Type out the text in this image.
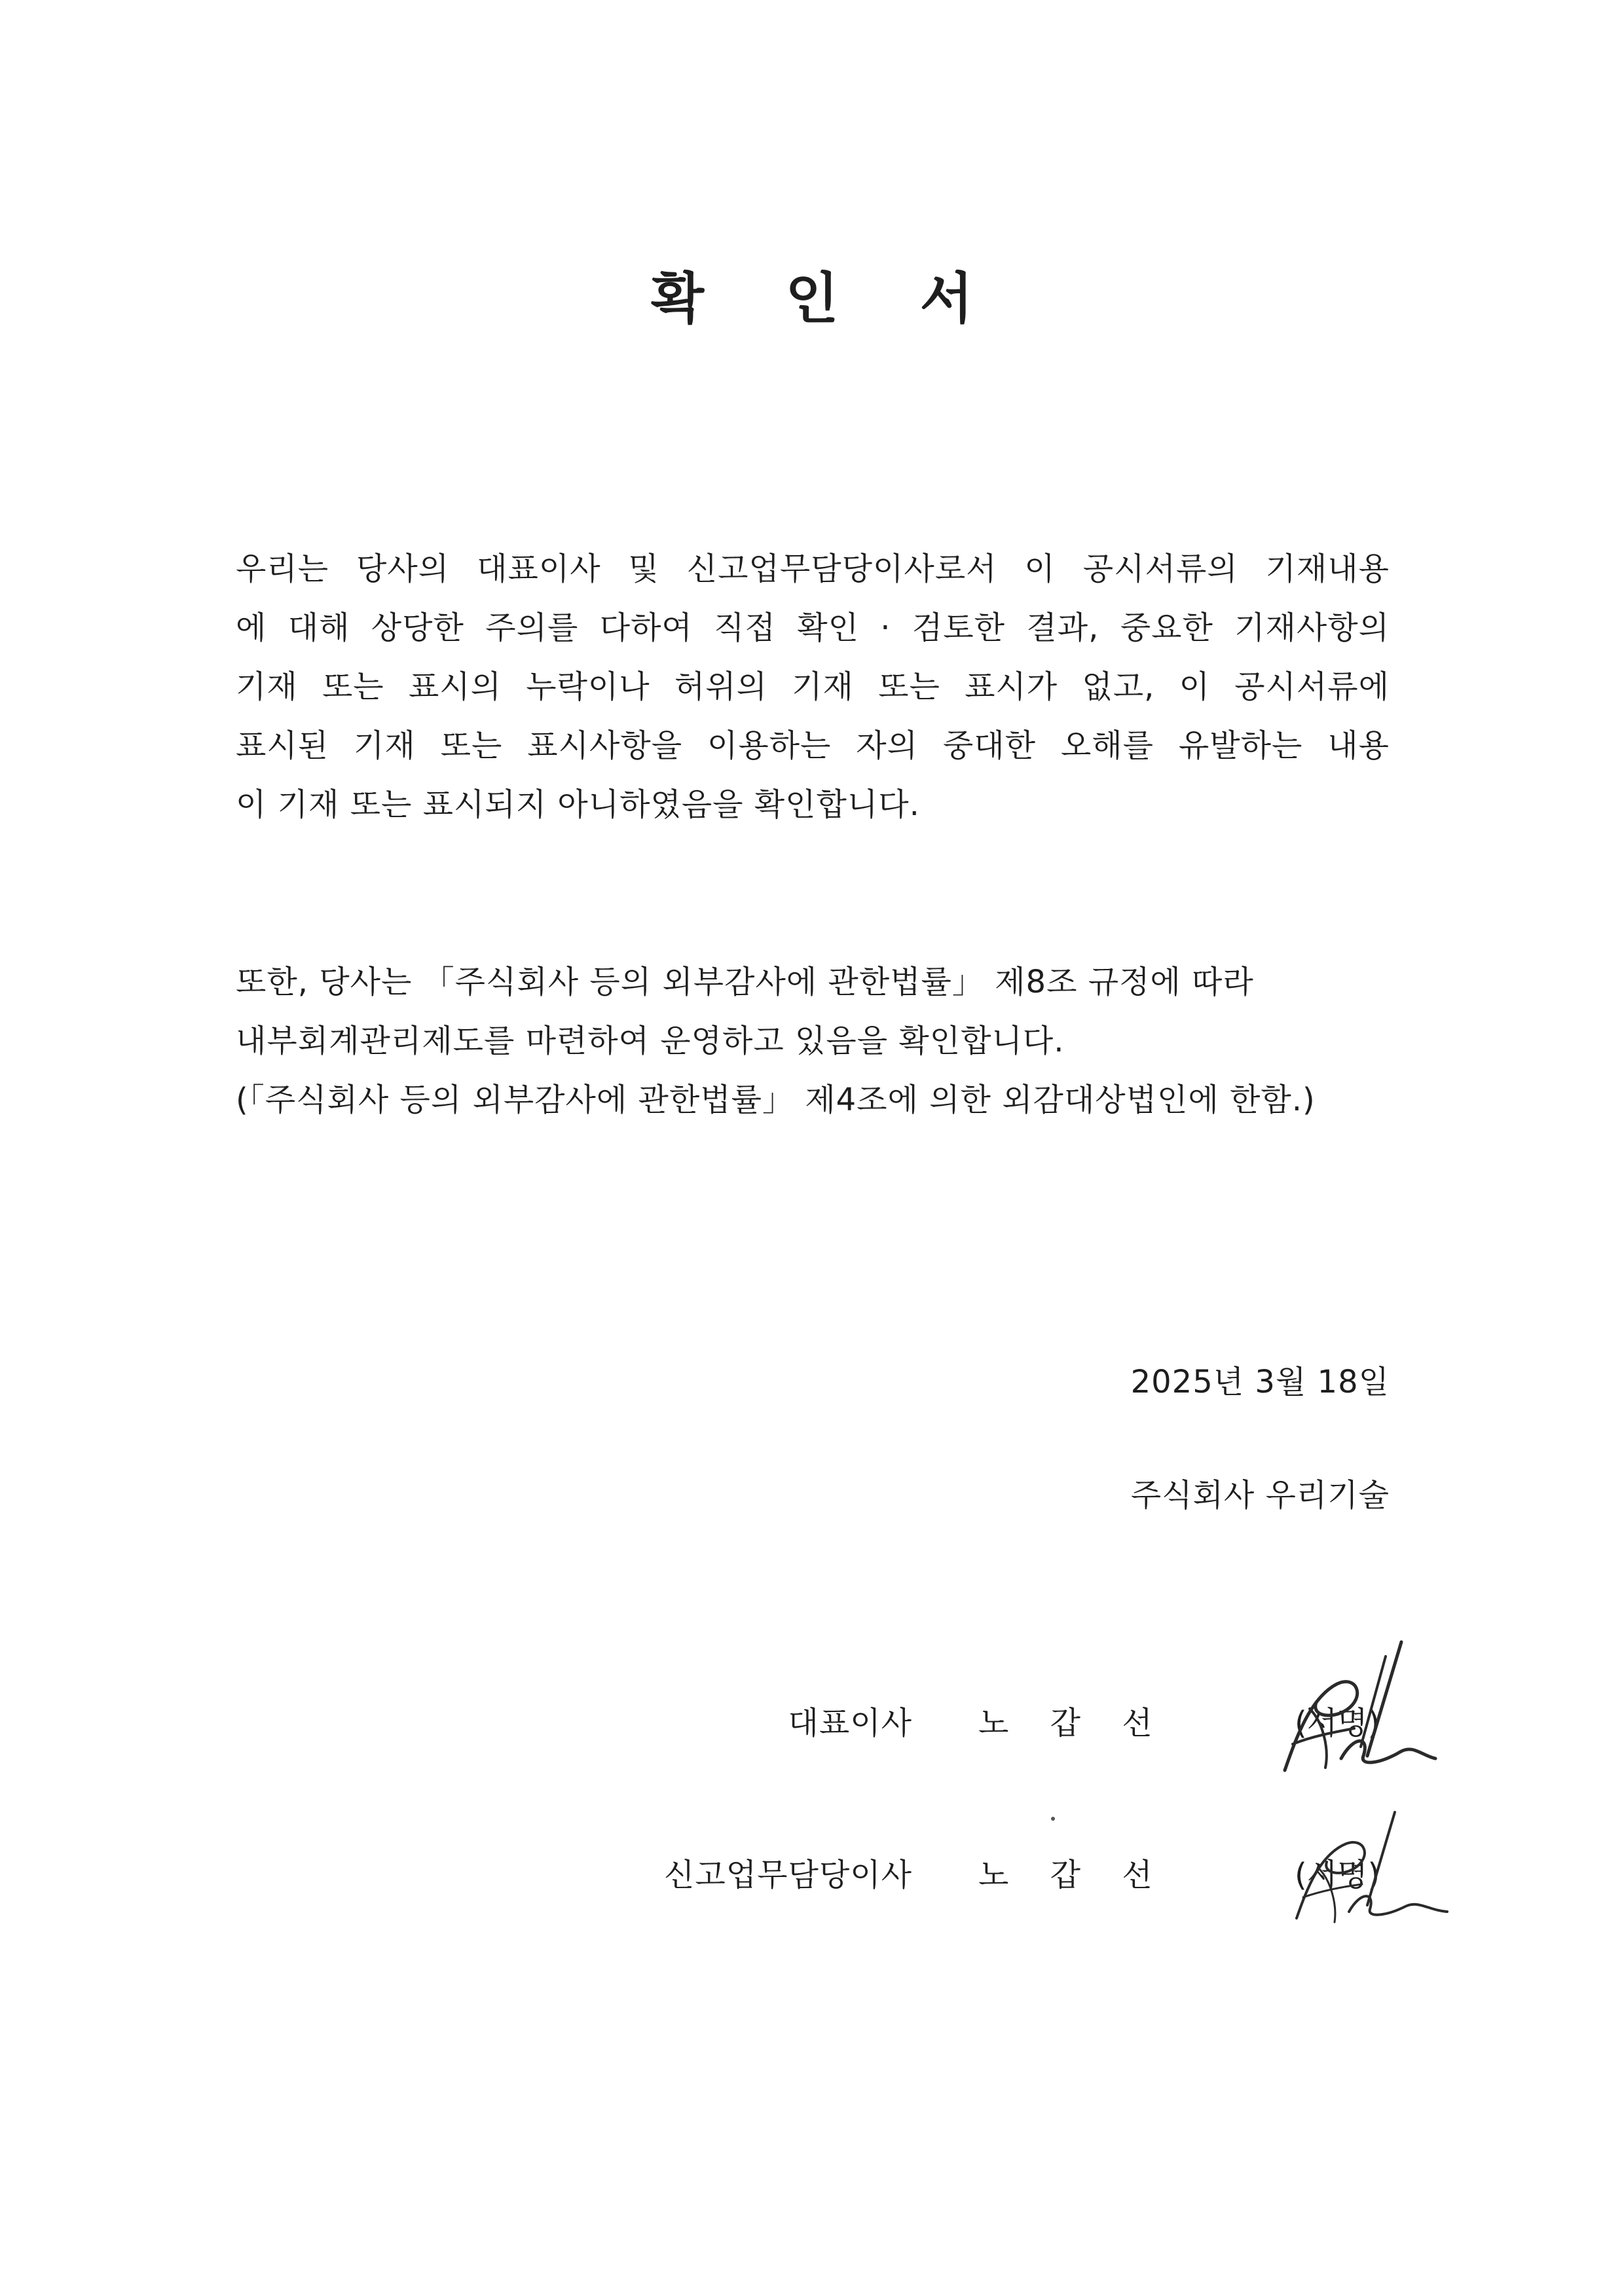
확 인 서
우리는 당사의 대표이사 및 신고업무담당이사로서 이 공시서류의 기재내용
에 대해 상당한 주의를 다하여 직접 확인 · 검토한 결과, 중요한 기재사항의
기재 또는 표시의 누락이나 허위의 기재 또는 표시가 없고, 이 공시서류에
표시된 기재 또는 표시사항을 이용하는 자의 중대한 오해를 유발하는 내용
이 기재 또는 표시되지 아니하였음을 확인합니다.
또한, 당사는 「주식회사 등의 외부감사에 관한법률」 제8조 규정에 따라
내부회계관리제도를 마련하여 운영하고 있음을 확인합니다.
(「주식회사 등의 외부감사에 관한법률」 제4조에 의한 외감대상법인에 한함.)
2025년 3월 18일
주식회사 우리기술
대표이사 노 갑 선	(서명)
신고업무담당이사 노 갑 선	(서명)
